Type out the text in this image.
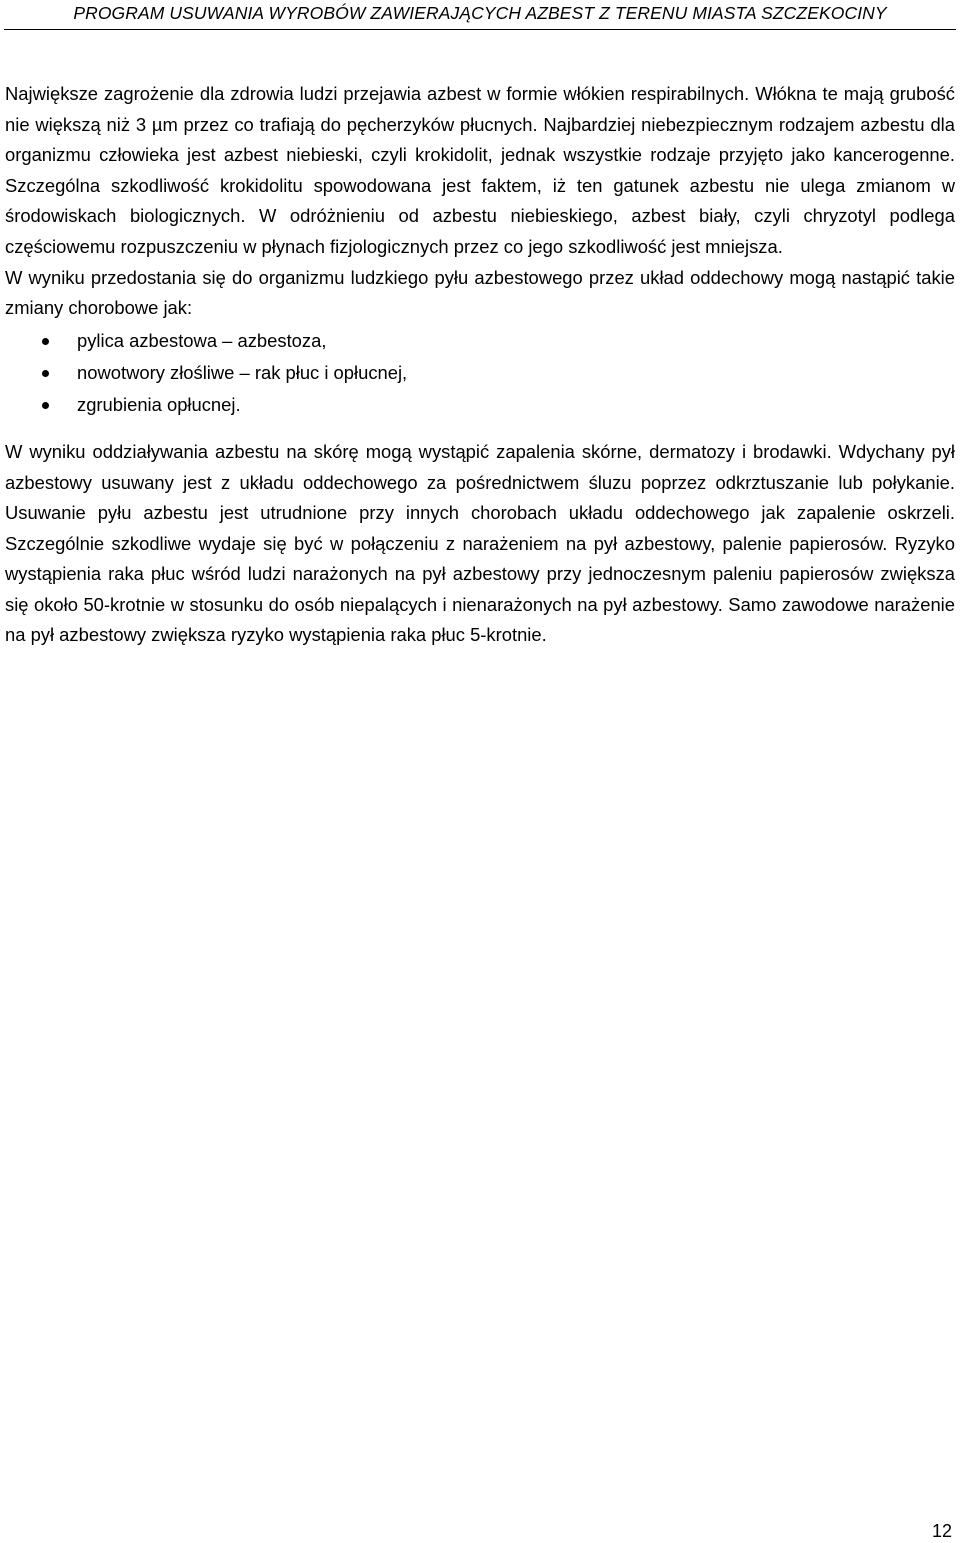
PROGRAM USUWANIA WYROBÓW ZAWIERAJĄCYCH AZBEST Z TERENU MIASTA SZCZEKOCINY

Największe zagrożenie dla zdrowia ludzi przejawia azbest w formie włókien respirabilnych. Włókna te mają grubość nie większą niż 3 µm przez co trafiają do pęcherzyków płucnych. Najbardziej niebezpiecznym rodzajem azbestu dla organizmu człowieka jest azbest niebieski, czyli krokidolit, jednak wszystkie rodzaje przyjęto jako kancerogenne. Szczególna szkodliwość krokidolitu spowodowana jest faktem, iż ten gatunek azbestu nie ulega zmianom w środowiskach biologicznych. W odróżnieniu od azbestu niebieskiego, azbest biały, czyli chryzotyl podlega częściowemu rozpuszczeniu w płynach fizjologicznych przez co jego szkodliwość jest mniejsza.

W wyniku przedostania się do organizmu ludzkiego pyłu azbestowego przez układ oddechowy mogą nastąpić takie zmiany chorobowe jak:

pylica azbestowa – azbestoza,
nowotwory złośliwe – rak płuc i opłucnej,
zgrubienia opłucnej.

W wyniku oddziaływania azbestu na skórę mogą wystąpić zapalenia skórne, dermatozy i brodawki. Wdychany pył azbestowy usuwany jest z układu oddechowego za pośrednictwem śluzu poprzez odkrztuszanie lub połykanie. Usuwanie pyłu azbestu jest utrudnione przy innych chorobach układu oddechowego jak zapalenie oskrzeli. Szczególnie szkodliwe wydaje się być w połączeniu z narażeniem na pył azbestowy, palenie papierosów. Ryzyko wystąpienia raka płuc wśród ludzi narażonych na pył azbestowy przy jednoczesnym paleniu papierosów zwiększa się około 50-krotnie w stosunku do osób niepalących i nienarażonych na pył azbestowy. Samo zawodowe narażenie na pył azbestowy zwiększa ryzyko wystąpienia raka płuc 5-krotnie.

12
